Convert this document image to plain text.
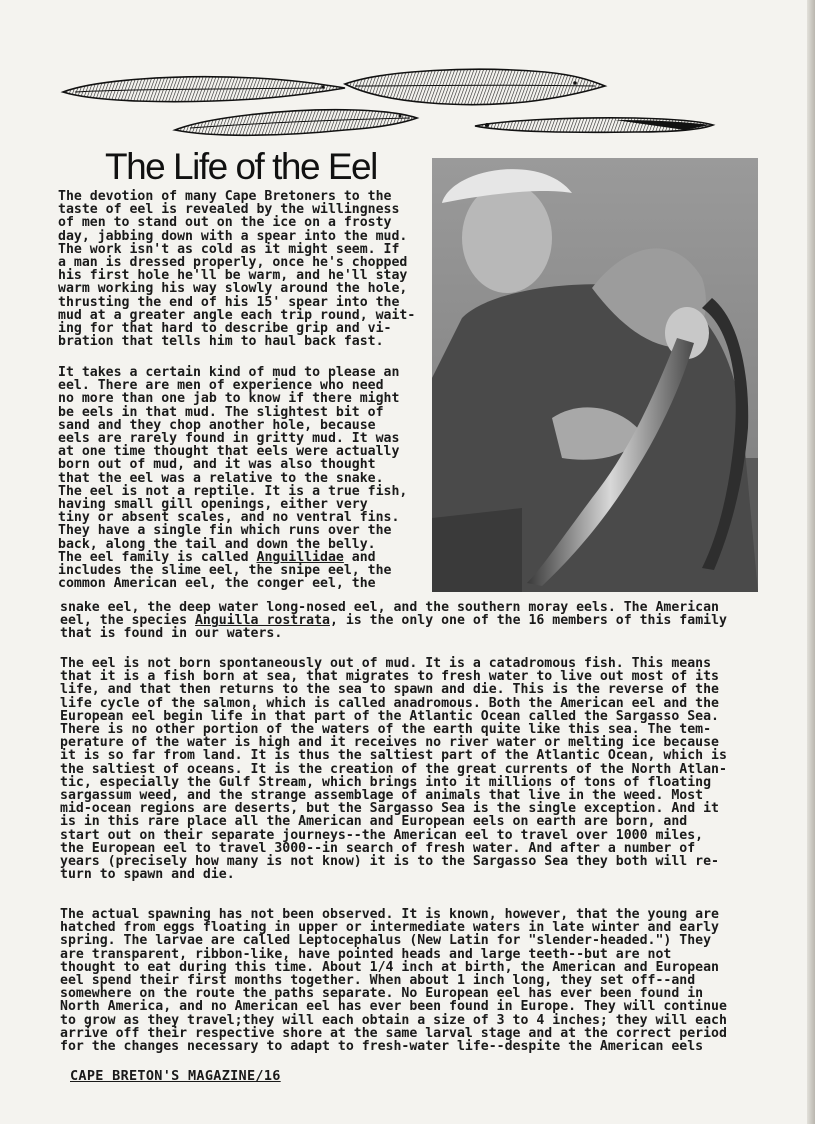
The Life of the Eel
The devotion of many Cape Bretoners to the
taste of eel is revealed by the willingness
of men to stand out on the ice on a frosty
day, jabbing down with a spear into the mud.
The work isn't as cold as it might seem. If
a man is dressed properly, once he's chopped
his first hole he'll be warm, and he'll stay
warm working his way slowly around the hole,
thrusting the end of his 15' spear into the
mud at a greater angle each trip round, wait-
ing for that hard to describe grip and vi-
bration that tells him to haul back fast.
It takes a certain kind of mud to please an
eel. There are men of experience who need
no more than one jab to know if there might
be eels in that mud. The slightest bit of
sand and they chop another hole, because
eels are rarely found in gritty mud. It was
at one time thought that eels were actually
born out of mud, and it was also thought
that the eel was a relative to the snake.
The eel is not a reptile. It is a true fish,
having small gill openings, either very
tiny or absent scales, and no ventral fins.
They have a single fin which runs over the
back, along the tail and down the belly.
The eel family is called Anguillidae and
includes the slime eel, the snipe eel, the
common American eel, the conger eel, the
snake eel, the deep water long-nosed eel, and the southern moray eels. The American
eel, the species Anguilla rostrata, is the only one of the 16 members of this family
that is found in our waters.
The eel is not born spontaneously out of mud. It is a catadromous fish. This means
that it is a fish born at sea, that migrates to fresh water to live out most of its
life, and that then returns to the sea to spawn and die. This is the reverse of the
life cycle of the salmon, which is called anadromous. Both the American eel and the
European eel begin life in that part of the Atlantic Ocean called the Sargasso Sea.
There is no other portion of the waters of the earth quite like this sea. The tem-
perature of the water is high and it receives no river water or melting ice because
it is so far from land. It is thus the saltiest part of the Atlantic Ocean, which is
the saltiest of oceans. It is the creation of the great currents of the North Atlan-
tic, especially the Gulf Stream, which brings into it millions of tons of floating
sargassum weed, and the strange assemblage of animals that live in the weed. Most
mid-ocean regions are deserts, but the Sargasso Sea is the single exception. And it
is in this rare place all the American and European eels on earth are born, and
start out on their separate journeys--the American eel to travel over 1000 miles,
the European eel to travel 3000--in search of fresh water. And after a number of
years (precisely how many is not know) it is to the Sargasso Sea they both will re-
turn to spawn and die.
The actual spawning has not been observed. It is known, however, that the young are
hatched from eggs floating in upper or intermediate waters in late winter and early
spring. The larvae are called Leptocephalus (New Latin for "slender-headed.") They
are transparent, ribbon-like, have pointed heads and large teeth--but are not
thought to eat during this time. About 1/4 inch at birth, the American and European
eel spend their first months together. When about 1 inch long, they set off--and
somewhere on the route the paths separate. No European eel has ever been found in
North America, and no American eel has ever been found in Europe. They will continue
to grow as they travel;they will each obtain a size of 3 to 4 inches; they will each
arrive off their respective shore at the same larval stage and at the correct period
for the changes necessary to adapt to fresh-water life--despite the American eels
CAPE BRETON'S MAGAZINE/16
